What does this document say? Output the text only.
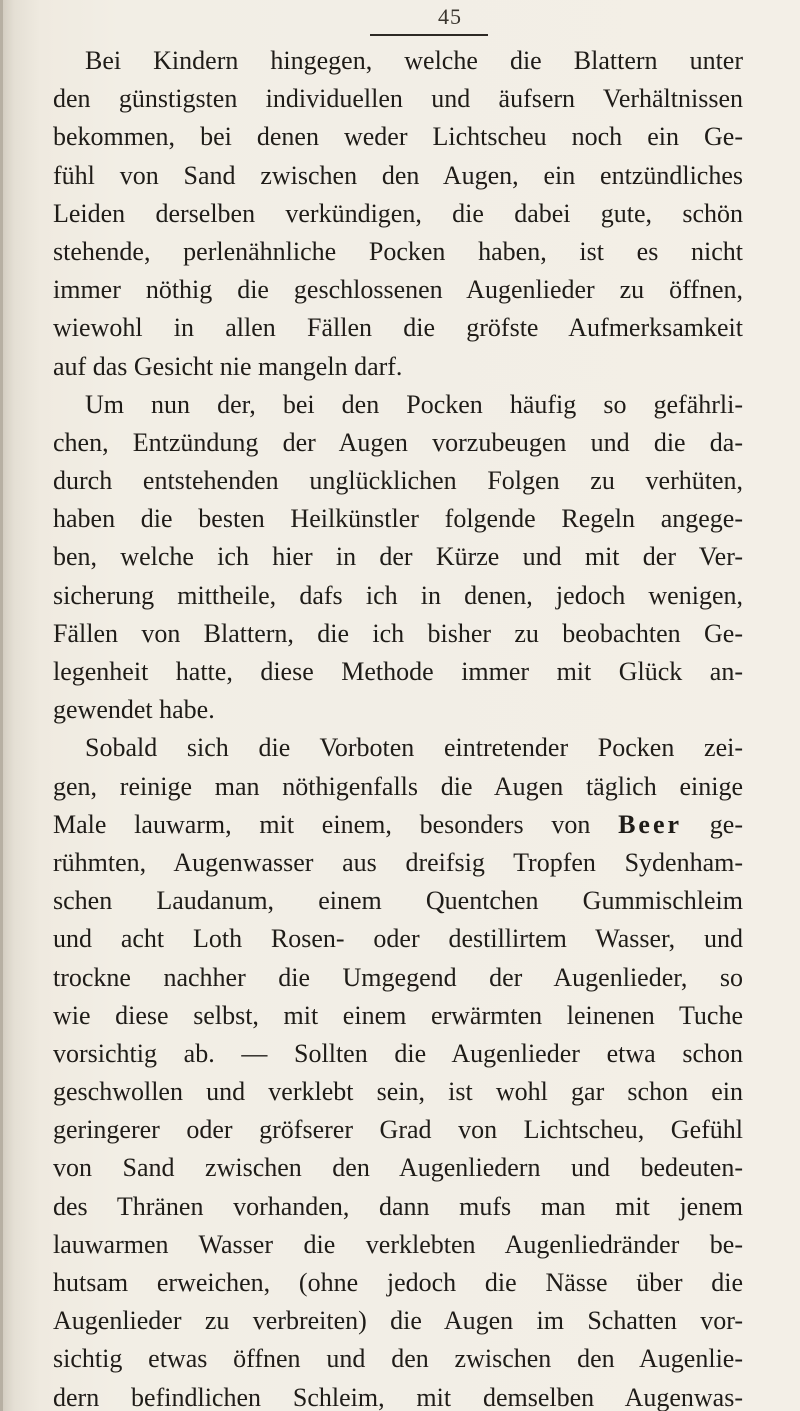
45
Bei Kindern hingegen, welche die Blattern unter
den günstigsten individuellen und äufsern Verhältnissen
bekommen, bei denen weder Lichtscheu noch ein Ge-
fühl von Sand zwischen den Augen, ein entzündliches
Leiden derselben verkündigen, die dabei gute, schön
stehende, perlenähnliche Pocken haben, ist es nicht
immer nöthig die geschlossenen Augenlieder zu öffnen,
wiewohl in allen Fällen die gröfste Aufmerksamkeit
auf das Gesicht nie mangeln darf.
Um nun der, bei den Pocken häufig so gefährli-
chen, Entzündung der Augen vorzubeugen und die da-
durch entstehenden unglücklichen Folgen zu verhüten,
haben die besten Heilkünstler folgende Regeln angege-
ben, welche ich hier in der Kürze und mit der Ver-
sicherung mittheile, dafs ich in denen, jedoch wenigen,
Fällen von Blattern, die ich bisher zu beobachten Ge-
legenheit hatte, diese Methode immer mit Glück an-
gewendet habe.
Sobald sich die Vorboten eintretender Pocken zei-
gen, reinige man nöthigenfalls die Augen täglich einige
Male lauwarm, mit einem, besonders von Beer ge-
rühmten, Augenwasser aus dreifsig Tropfen Sydenham-
schen Laudanum, einem Quentchen Gummischleim
und acht Loth Rosen- oder destillirtem Wasser, und
trockne nachher die Umgegend der Augenlieder, so
wie diese selbst, mit einem erwärmten leinenen Tuche
vorsichtig ab. — Sollten die Augenlieder etwa schon
geschwollen und verklebt sein, ist wohl gar schon ein
geringerer oder gröfserer Grad von Lichtscheu, Gefühl
von Sand zwischen den Augenliedern und bedeuten-
des Thränen vorhanden, dann mufs man mit jenem
lauwarmen Wasser die verklebten Augenliedränder be-
hutsam erweichen, (ohne jedoch die Nässe über die
Augenlieder zu verbreiten) die Augen im Schatten vor-
sichtig etwas öffnen und den zwischen den Augenlie-
dern befindlichen Schleim, mit demselben Augenwas-
